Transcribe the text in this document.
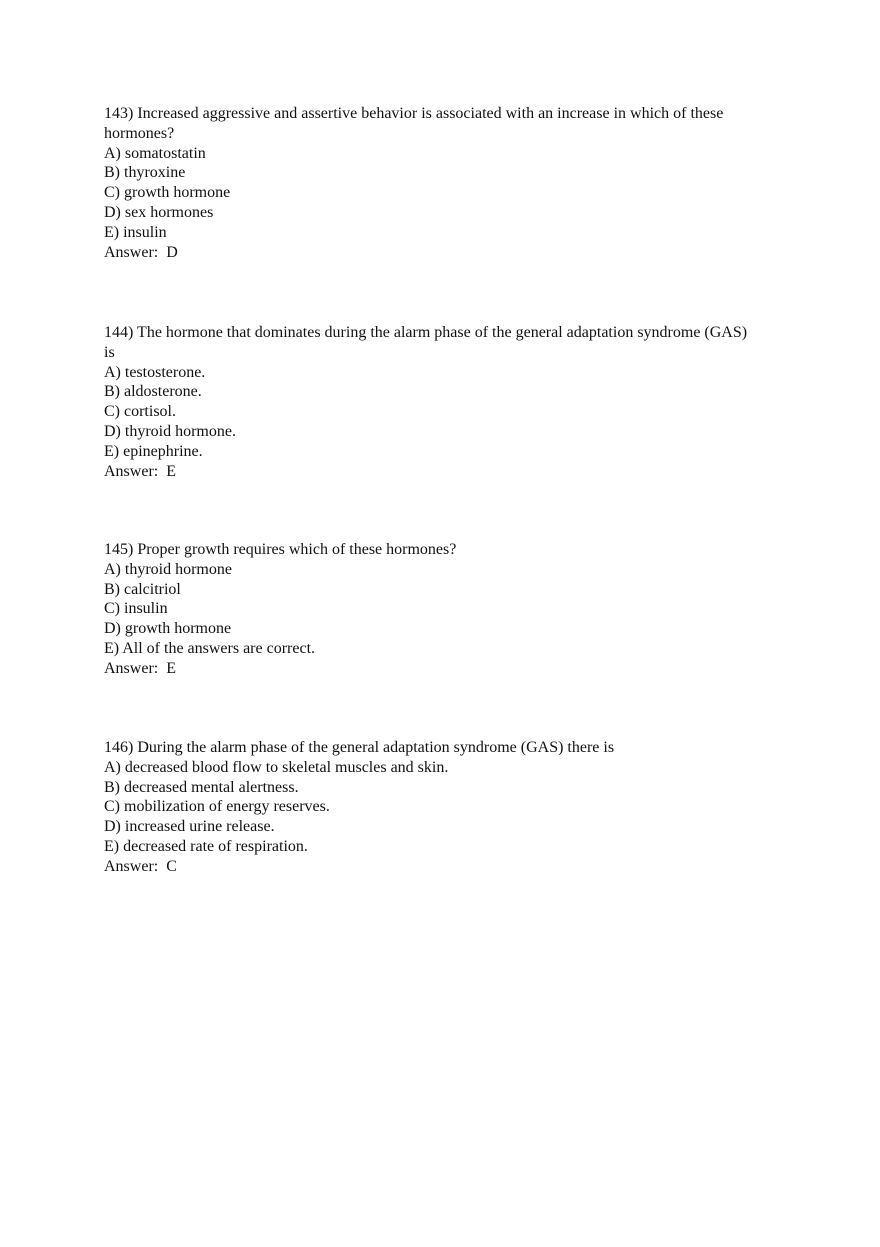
143) Increased aggressive and assertive behavior is associated with an increase in which of these hormones?
A) somatostatin
B) thyroxine
C) growth hormone
D) sex hormones
E) insulin
Answer:  D
144) The hormone that dominates during the alarm phase of the general adaptation syndrome (GAS) is
A) testosterone.
B) aldosterone.
C) cortisol.
D) thyroid hormone.
E) epinephrine.
Answer:  E
145) Proper growth requires which of these hormones?
A) thyroid hormone
B) calcitriol
C) insulin
D) growth hormone
E) All of the answers are correct.
Answer:  E
146) During the alarm phase of the general adaptation syndrome (GAS) there is
A) decreased blood flow to skeletal muscles and skin.
B) decreased mental alertness.
C) mobilization of energy reserves.
D) increased urine release.
E) decreased rate of respiration.
Answer:  C
